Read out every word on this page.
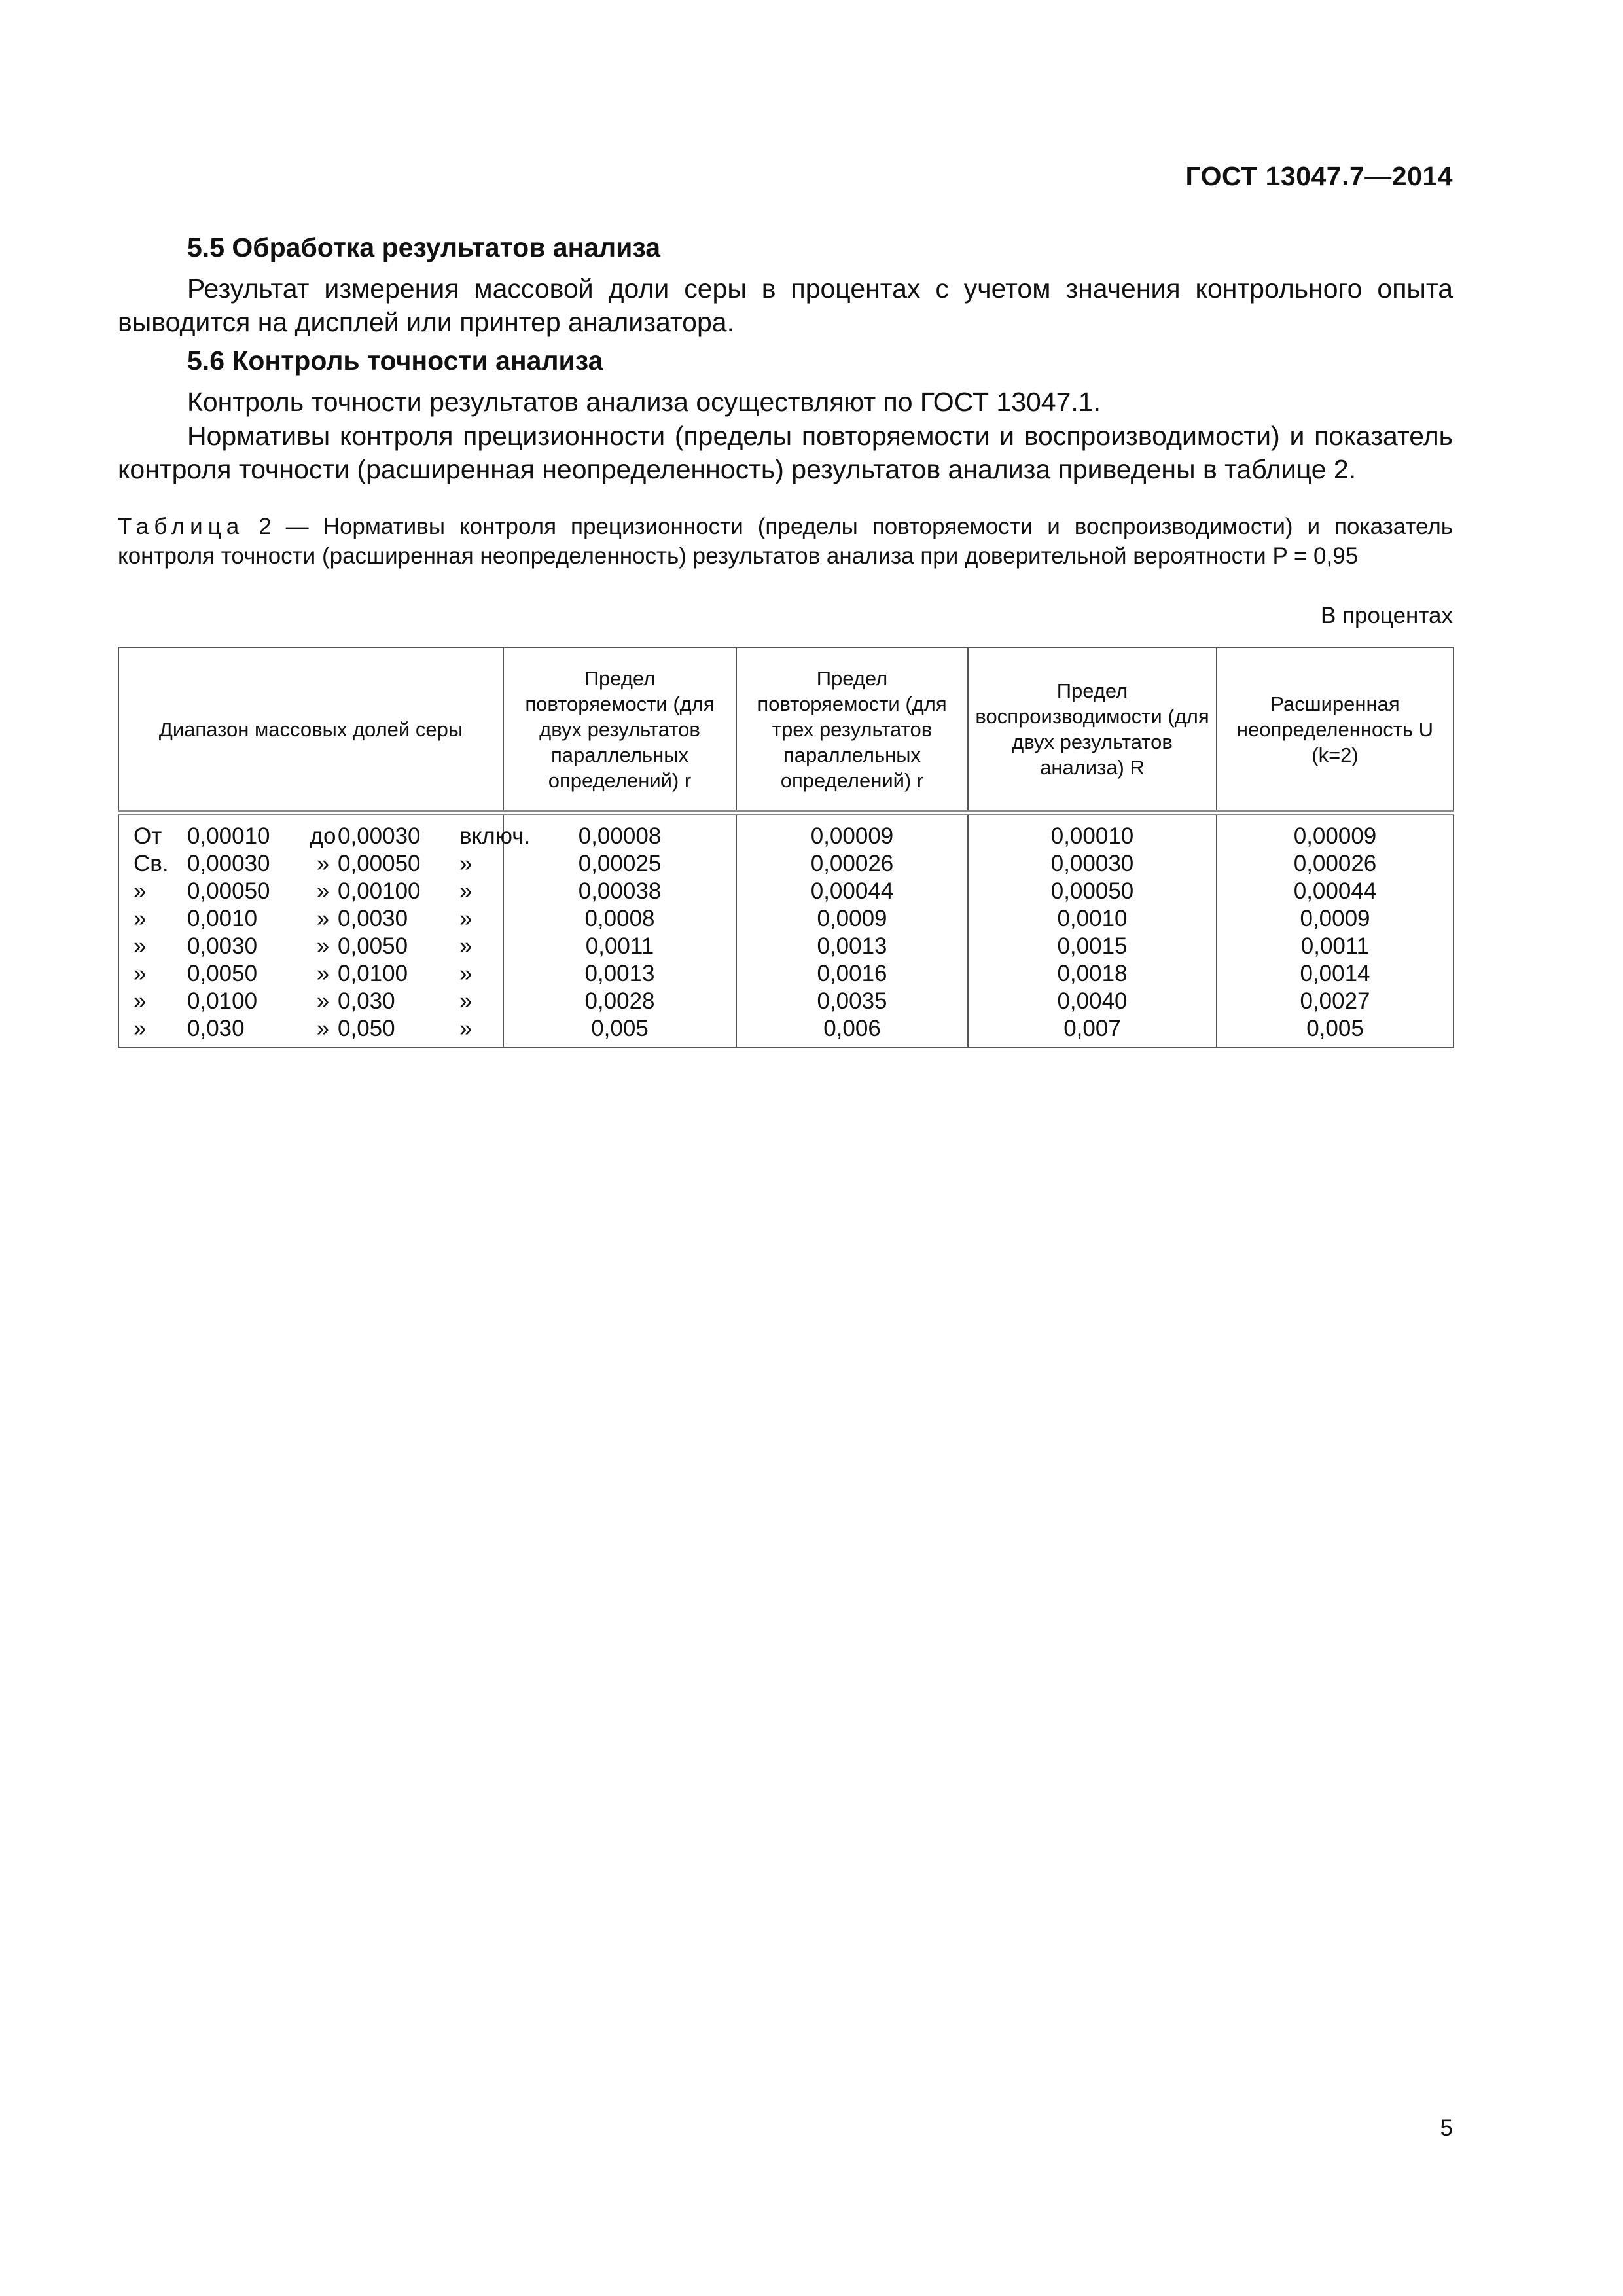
ГОСТ 13047.7—2014
5.5 Обработка результатов анализа
Результат измерения массовой доли серы в процентах с учетом значения контрольного опыта выводится на дисплей или принтер анализатора.
5.6 Контроль точности анализа
Контроль точности результатов анализа осуществляют по ГОСТ 13047.1.
Нормативы контроля прецизионности (пределы повторяемости и воспроизводимости) и показатель контроля точности (расширенная неопределенность) результатов анализа приведены в таблице 2.
Таблица 2 — Нормативы контроля прецизионности (пределы повторяемости и воспроизводимости) и показатель контроля точности (расширенная неопределенность) результатов анализа при доверительной вероятности P = 0,95
В процентах
Диапазон массовых долей серы	Предел повторяемости (для двух результатов параллельных определений) r	Предел повторяемости (для трех результатов параллельных определений) r	Предел воспроизводимости (для двух результатов анализа) R	Расширенная неопределенность U (k=2)
От 0,00010 до0,00030 включ.	0,00008	0,00009	0,00010	0,00009
Св. 0,00030 » 0,00050 »	0,00025	0,00026	0,00030	0,00026
» 0,00050 » 0,00100 »	0,00038	0,00044	0,00050	0,00044
» 0,0010 » 0,0030 »	0,0008	0,0009	0,0010	0,0009
» 0,0030 » 0,0050 »	0,0011	0,0013	0,0015	0,0011
» 0,0050 » 0,0100 »	0,0013	0,0016	0,0018	0,0014
» 0,0100 » 0,030 »	0,0028	0,0035	0,0040	0,0027
» 0,030 » 0,050 »	0,005	0,006	0,007	0,005
5
